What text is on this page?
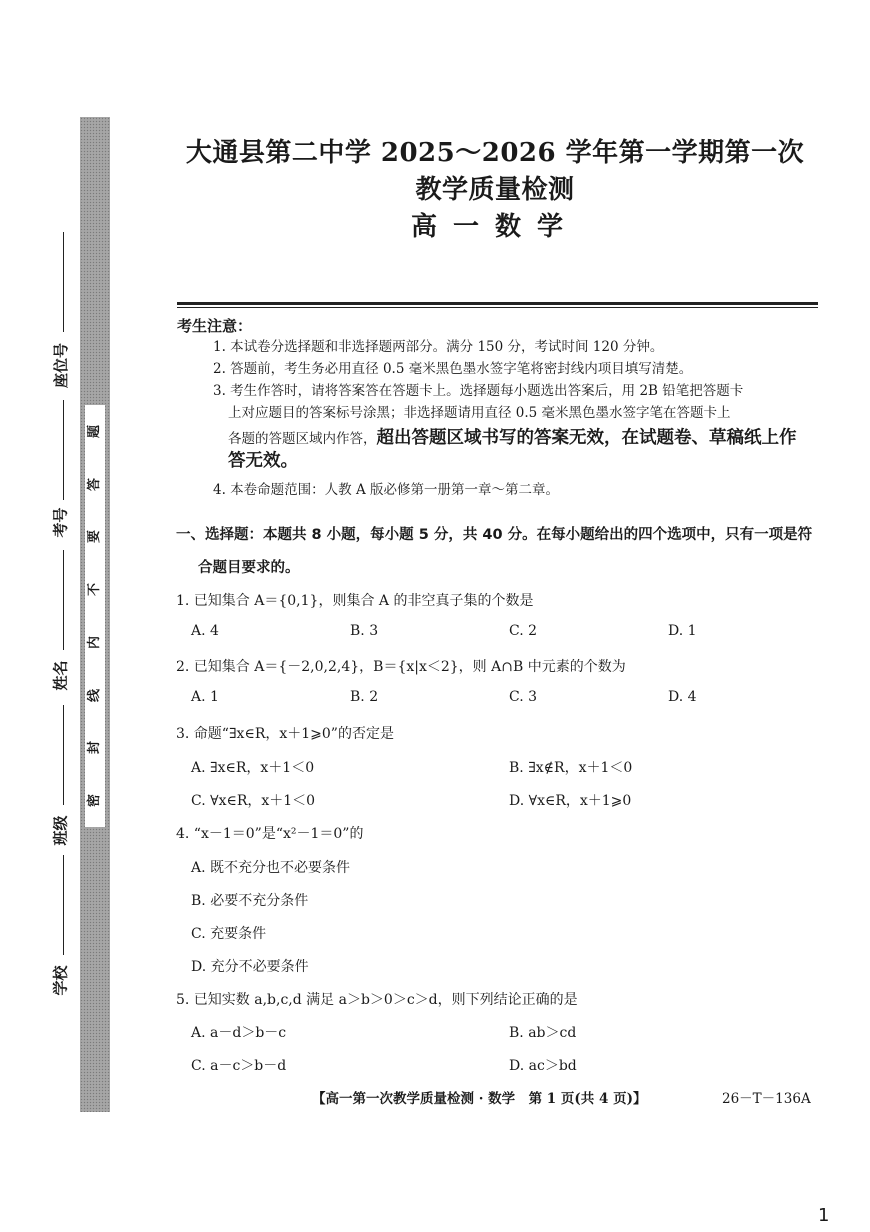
题
答
要
不
内
线
封
密
座位号
考号
姓名
班级
学校
大通县第二中学 2025～2026 学年第一学期第一次教学质量检测
高一数学
考生注意：
1. 本试卷分选择题和非选择题两部分。满分 150 分，考试时间 120 分钟。
2. 答题前，考生务必用直径 0.5 毫米黑色墨水签字笔将密封线内项目填写清楚。
3. 考生作答时，请将答案答在答题卡上。选择题每小题选出答案后，用 2B 铅笔把答题卡
上对应题目的答案标号涂黑；非选择题请用直径 0.5 毫米黑色墨水签字笔在答题卡上
各题的答题区域内作答，超出答题区域书写的答案无效，在试题卷、草稿纸上作
答无效。
4. 本卷命题范围：人教 A 版必修第一册第一章～第二章。
一、选择题：本题共 8 小题，每小题 5 分，共 40 分。在每小题给出的四个选项中，只有一项是符
合题目要求的。
1. 已知集合 A＝{0,1}，则集合 A 的非空真子集的个数是
A. 4	B. 3	C. 2	D. 1
2. 已知集合 A＝{－2,0,2,4}，B＝{x|x＜2}，则 A∩B 中元素的个数为
A. 1	B. 2	C. 3	D. 4
3. 命题“∃x∈R，x＋1⩾0”的否定是
A. ∃x∈R，x＋1＜0	B. ∃x∉R，x＋1＜0
C. ∀x∈R，x＋1＜0	D. ∀x∈R，x＋1⩾0
4. “x－1＝0”是“x²－1＝0”的
A. 既不充分也不必要条件
B. 必要不充分条件
C. 充要条件
D. 充分不必要条件
5. 已知实数 a,b,c,d 满足 a＞b＞0＞c＞d，则下列结论正确的是
A. a－d＞b－c	B. ab＞cd
C. a－c＞b－d	D. ac＞bd
【高一第一次教学质量检测 · 数学　第 1 页(共 4 页)】	26－T－136A
1
